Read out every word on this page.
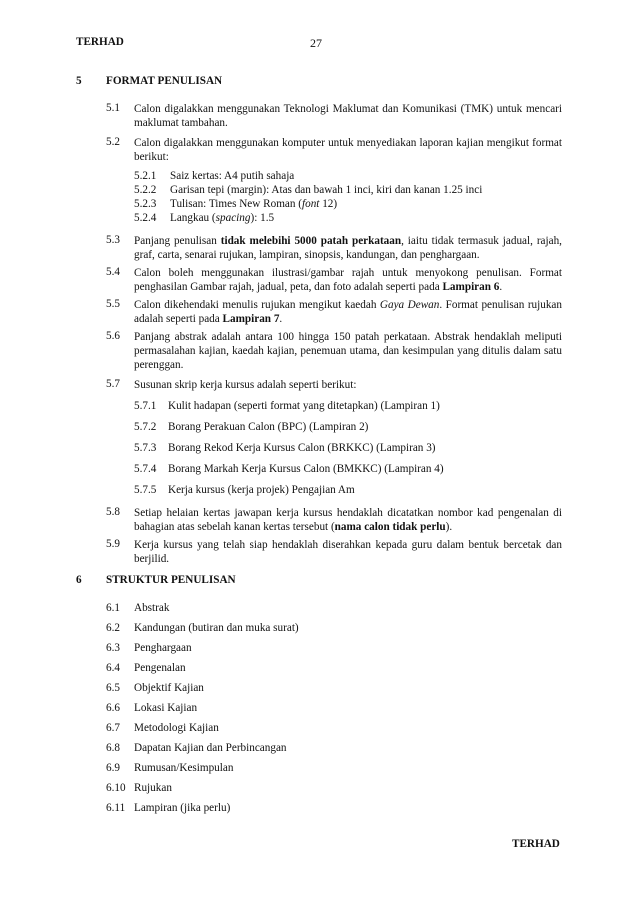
TERHAD	27
5 FORMAT PENULISAN
5.1 Calon digalakkan menggunakan Teknologi Maklumat dan Komunikasi (TMK) untuk mencari maklumat tambahan.
5.2 Calon digalakkan menggunakan komputer untuk menyediakan laporan kajian mengikut format berikut:
5.2.1 Saiz kertas: A4 putih sahaja
5.2.2 Garisan tepi (margin): Atas dan bawah 1 inci, kiri dan kanan 1.25 inci
5.2.3 Tulisan: Times New Roman (font 12)
5.2.4 Langkau (spacing): 1.5
5.3 Panjang penulisan tidak melebihi 5000 patah perkataan, iaitu tidak termasuk jadual, rajah, graf, carta, senarai rujukan, lampiran, sinopsis, kandungan, dan penghargaan.
5.4 Calon boleh menggunakan ilustrasi/gambar rajah untuk menyokong penulisan. Format penghasilan Gambar rajah, jadual, peta, dan foto adalah seperti pada Lampiran 6.
5.5 Calon dikehendaki menulis rujukan mengikut kaedah Gaya Dewan. Format penulisan rujukan adalah seperti pada Lampiran 7.
5.6 Panjang abstrak adalah antara 100 hingga 150 patah perkataan. Abstrak hendaklah meliputi permasalahan kajian, kaedah kajian, penemuan utama, dan kesimpulan yang ditulis dalam satu perenggan.
5.7 Susunan skrip kerja kursus adalah seperti berikut:
5.7.1 Kulit hadapan (seperti format yang ditetapkan) (Lampiran 1)
5.7.2 Borang Perakuan Calon (BPC) (Lampiran 2)
5.7.3 Borang Rekod Kerja Kursus Calon (BRKKC) (Lampiran 3)
5.7.4 Borang Markah Kerja Kursus Calon (BMKKC) (Lampiran 4)
5.7.5 Kerja kursus (kerja projek) Pengajian Am
5.8 Setiap helaian kertas jawapan kerja kursus hendaklah dicatatkan nombor kad pengenalan di bahagian atas sebelah kanan kertas tersebut (nama calon tidak perlu).
5.9 Kerja kursus yang telah siap hendaklah diserahkan kepada guru dalam bentuk bercetak dan berjilid.
6 STRUKTUR PENULISAN
6.1 Abstrak
6.2 Kandungan (butiran dan muka surat)
6.3 Penghargaan
6.4 Pengenalan
6.5 Objektif Kajian
6.6 Lokasi Kajian
6.7 Metodologi Kajian
6.8 Dapatan Kajian dan Perbincangan
6.9 Rumusan/Kesimpulan
6.10 Rujukan
6.11 Lampiran (jika perlu)
TERHAD
